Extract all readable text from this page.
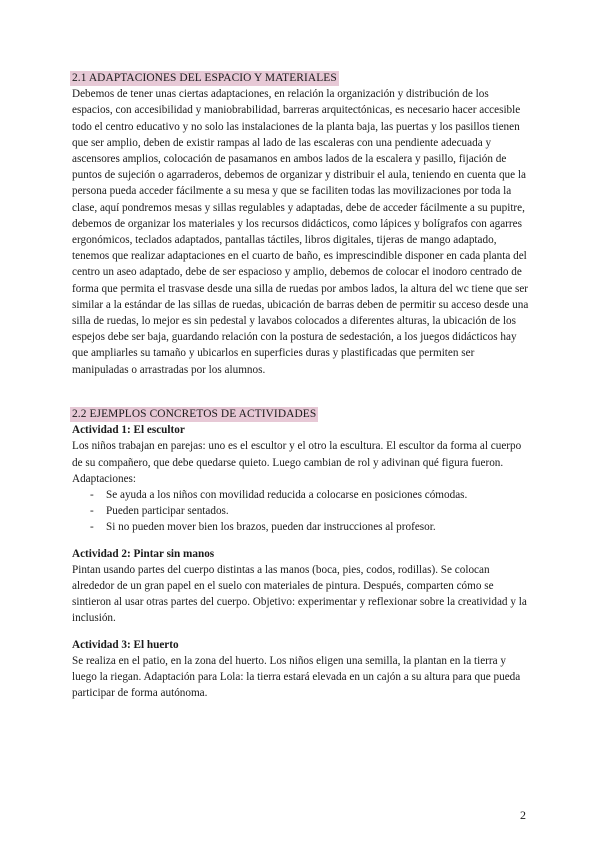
2.1 ADAPTACIONES DEL ESPACIO Y MATERIALES

Debemos de tener unas ciertas adaptaciones, en relación la organización y distribución de los espacios, con accesibilidad y maniobrabilidad, barreras arquitectónicas, es necesario hacer accesible todo el centro educativo y no solo las instalaciones de la planta baja, las puertas y los pasillos tienen que ser amplio, deben de existir rampas al lado de las escaleras con una pendiente adecuada y ascensores amplios, colocación de pasamanos en ambos lados de la escalera y pasillo, fijación de puntos de sujeción o agarraderos, debemos de organizar y distribuir el aula, teniendo en cuenta que la persona pueda acceder fácilmente a su mesa y que se faciliten todas las movilizaciones por toda la clase, aquí pondremos mesas y sillas regulables y adaptadas, debe de acceder fácilmente a su pupitre, debemos de organizar los materiales y los recursos didácticos, como lápices y bolígrafos con agarres ergonómicos, teclados adaptados, pantallas táctiles, libros digitales, tijeras de mango adaptado, tenemos que realizar adaptaciones en el cuarto de baño, es imprescindible disponer en cada planta del centro un aseo adaptado, debe de ser espacioso y amplio, debemos de colocar el inodoro centrado de forma que permita el trasvase desde una silla de ruedas por ambos lados, la altura del wc tiene que ser similar a la estándar de las sillas de ruedas, ubicación de barras deben de permitir su acceso desde una silla de ruedas, lo mejor es sin pedestal y lavabos colocados a diferentes alturas, la ubicación de los espejos debe ser baja, guardando relación con la postura de sedestación, a los juegos didácticos hay que ampliarles su tamaño y ubicarlos en superficies duras y plastificadas que permiten ser manipuladas o arrastradas por los alumnos.

2.2 EJEMPLOS CONCRETOS DE ACTIVIDADES

Actividad 1: El escultor

Los niños trabajan en parejas: uno es el escultor y el otro la escultura. El escultor da forma al cuerpo de su compañero, que debe quedarse quieto. Luego cambian de rol y adivinan qué figura fueron. Adaptaciones:

- Se ayuda a los niños con movilidad reducida a colocarse en posiciones cómodas.
- Pueden participar sentados.
- Si no pueden mover bien los brazos, pueden dar instrucciones al profesor.

Actividad 2: Pintar sin manos

Pintan usando partes del cuerpo distintas a las manos (boca, pies, codos, rodillas). Se colocan alrededor de un gran papel en el suelo con materiales de pintura. Después, comparten cómo se sintieron al usar otras partes del cuerpo. Objetivo: experimentar y reflexionar sobre la creatividad y la inclusión.

Actividad 3: El huerto

Se realiza en el patio, en la zona del huerto. Los niños eligen una semilla, la plantan en la tierra y luego la riegan. Adaptación para Lola: la tierra estará elevada en un cajón a su altura para que pueda participar de forma autónoma.

2
